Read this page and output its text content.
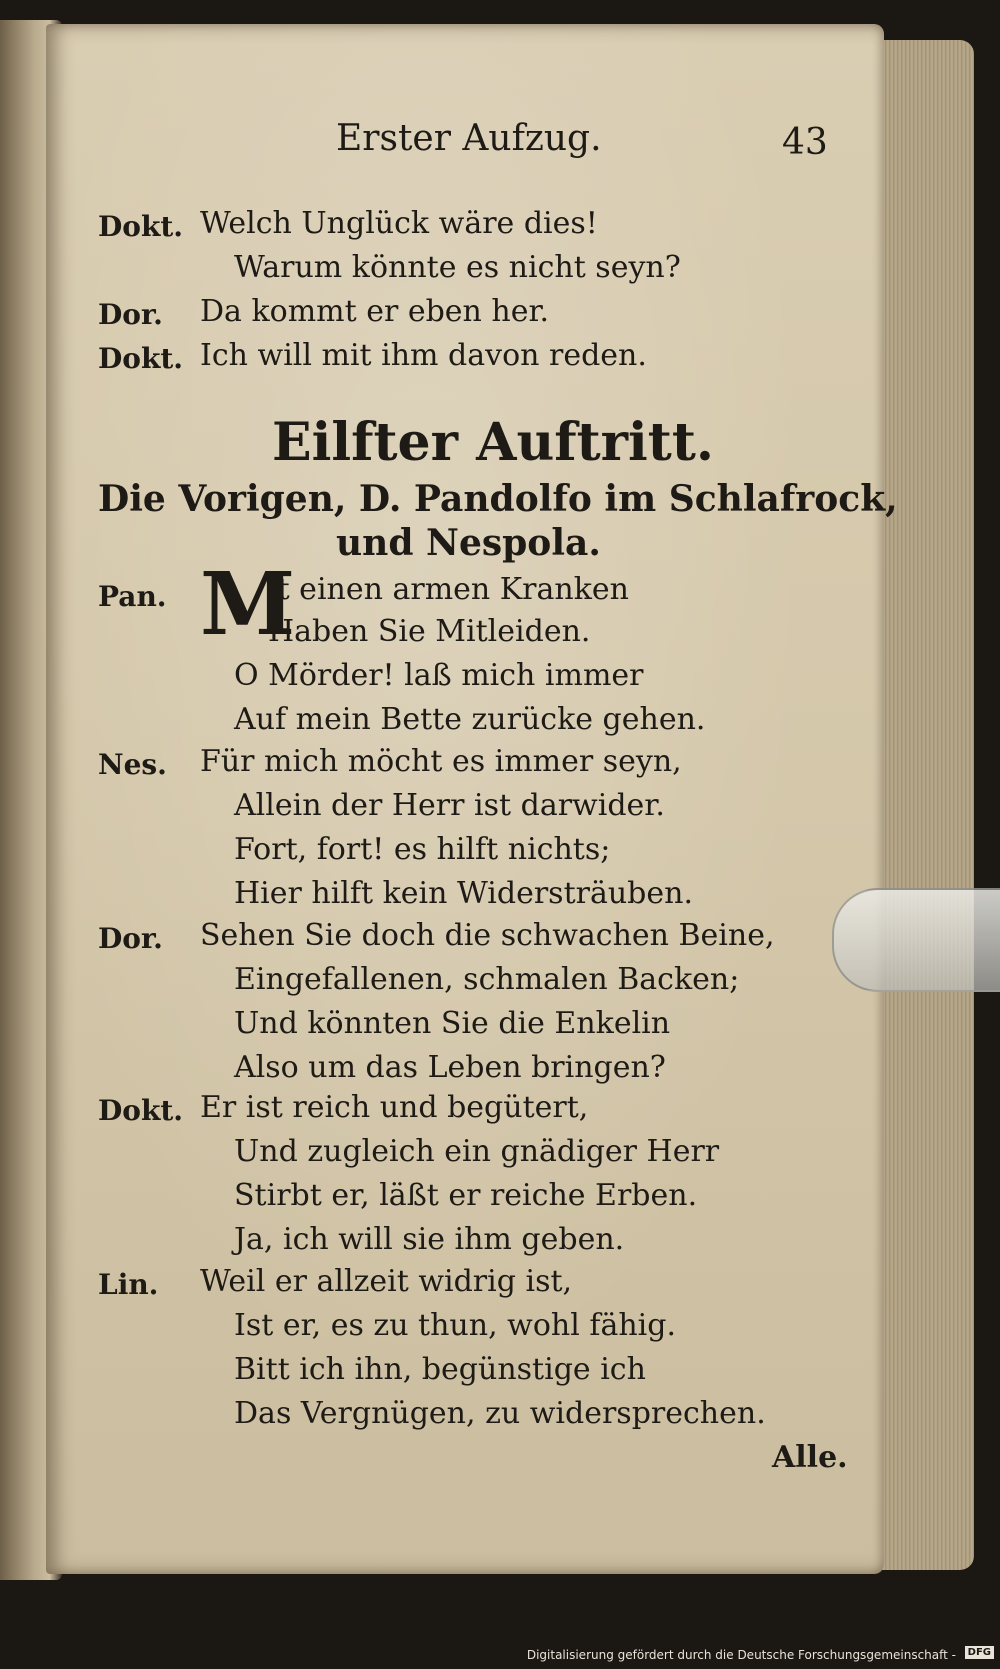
Erster Aufzug.	43
Dokt. Welch Unglück wäre dies!
Warum könnte es nicht seyn?
Dor. Da kommt er eben her.
Dokt. Ich will mit ihm davon reden.
Eilfter Auftritt.
Die Vorigen, D. Pandolfo im Schlafrock,
und Nespola.
Pan. M
it einen armen Kranken
Haben Sie Mitleiden.
O Mörder! laß mich immer
Auf mein Bette zurücke gehen.
Nes. Für mich möcht es immer seyn,
Allein der Herr ist darwider.
Fort, fort! es hilft nichts;
Hier hilft kein Widersträuben.
Dor. Sehen Sie doch die schwachen Beine,
Eingefallenen, schmalen Backen;
Und könnten Sie die Enkelin
Also um das Leben bringen?
Dokt. Er ist reich und begütert,
Und zugleich ein gnädiger Herr
Stirbt er, läßt er reiche Erben.
Ja, ich will sie ihm geben.
Lin. Weil er allzeit widrig ist,
Ist er, es zu thun, wohl fähig.
Bitt ich ihn, begünstige ich
Das Vergnügen, zu widersprechen.
Alle.
Digitalisierung gefördert durch die Deutsche Forschungsgemeinschaft -	DFG
